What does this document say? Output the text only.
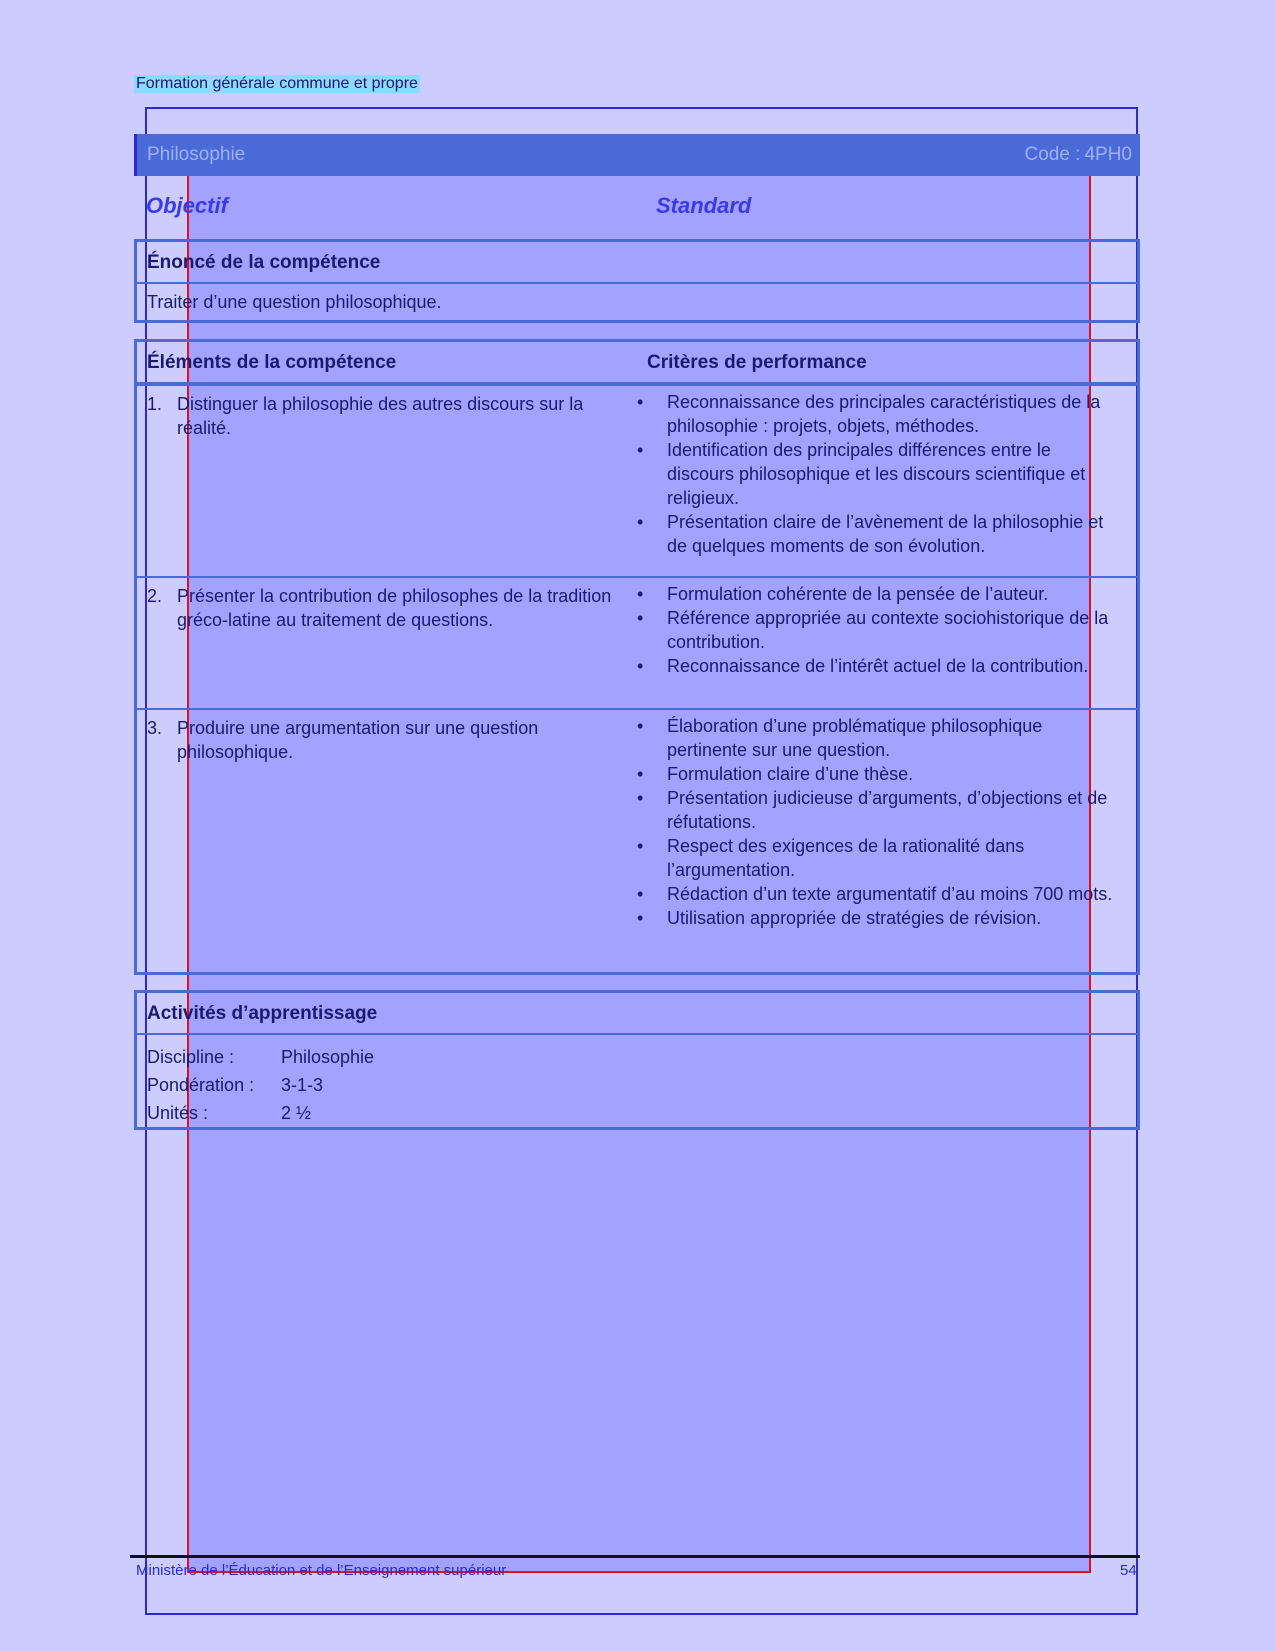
Formation générale commune et propre
Philosophie	Code : 4PH0
Objectif	Standard
Énoncé de la compétence
Traiter d’une question philosophique.
Éléments de la compétence	Critères de performance
1. Distinguer la philosophie des autres discours sur la réalité.
•	Reconnaissance des principales caractéristiques de la philosophie : projets, objets, méthodes.
•	Identification des principales différences entre le discours philosophique et les discours scientifique et religieux.
•	Présentation claire de l’avènement de la philosophie et de quelques moments de son évolution.
2. Présenter la contribution de philosophes de la tradition gréco-latine au traitement de questions.
•	Formulation cohérente de la pensée de l’auteur.
•	Référence appropriée au contexte sociohistorique de la contribution.
•	Reconnaissance de l’intérêt actuel de la contribution.
3. Produire une argumentation sur une question philosophique.
•	Élaboration d’une problématique philosophique pertinente sur une question.
•	Formulation claire d’une thèse.
•	Présentation judicieuse d’arguments, d’objections et de réfutations.
•	Respect des exigences de la rationalité dans l’argumentation.
•	Rédaction d’un texte argumentatif d’au moins 700 mots.
•	Utilisation appropriée de stratégies de révision.
Activités d’apprentissage
Discipline :	Philosophie
Pondération :	3-1-3
Unités :	2 ½
Ministère de l’Éducation et de l’Enseignement supérieur	54
